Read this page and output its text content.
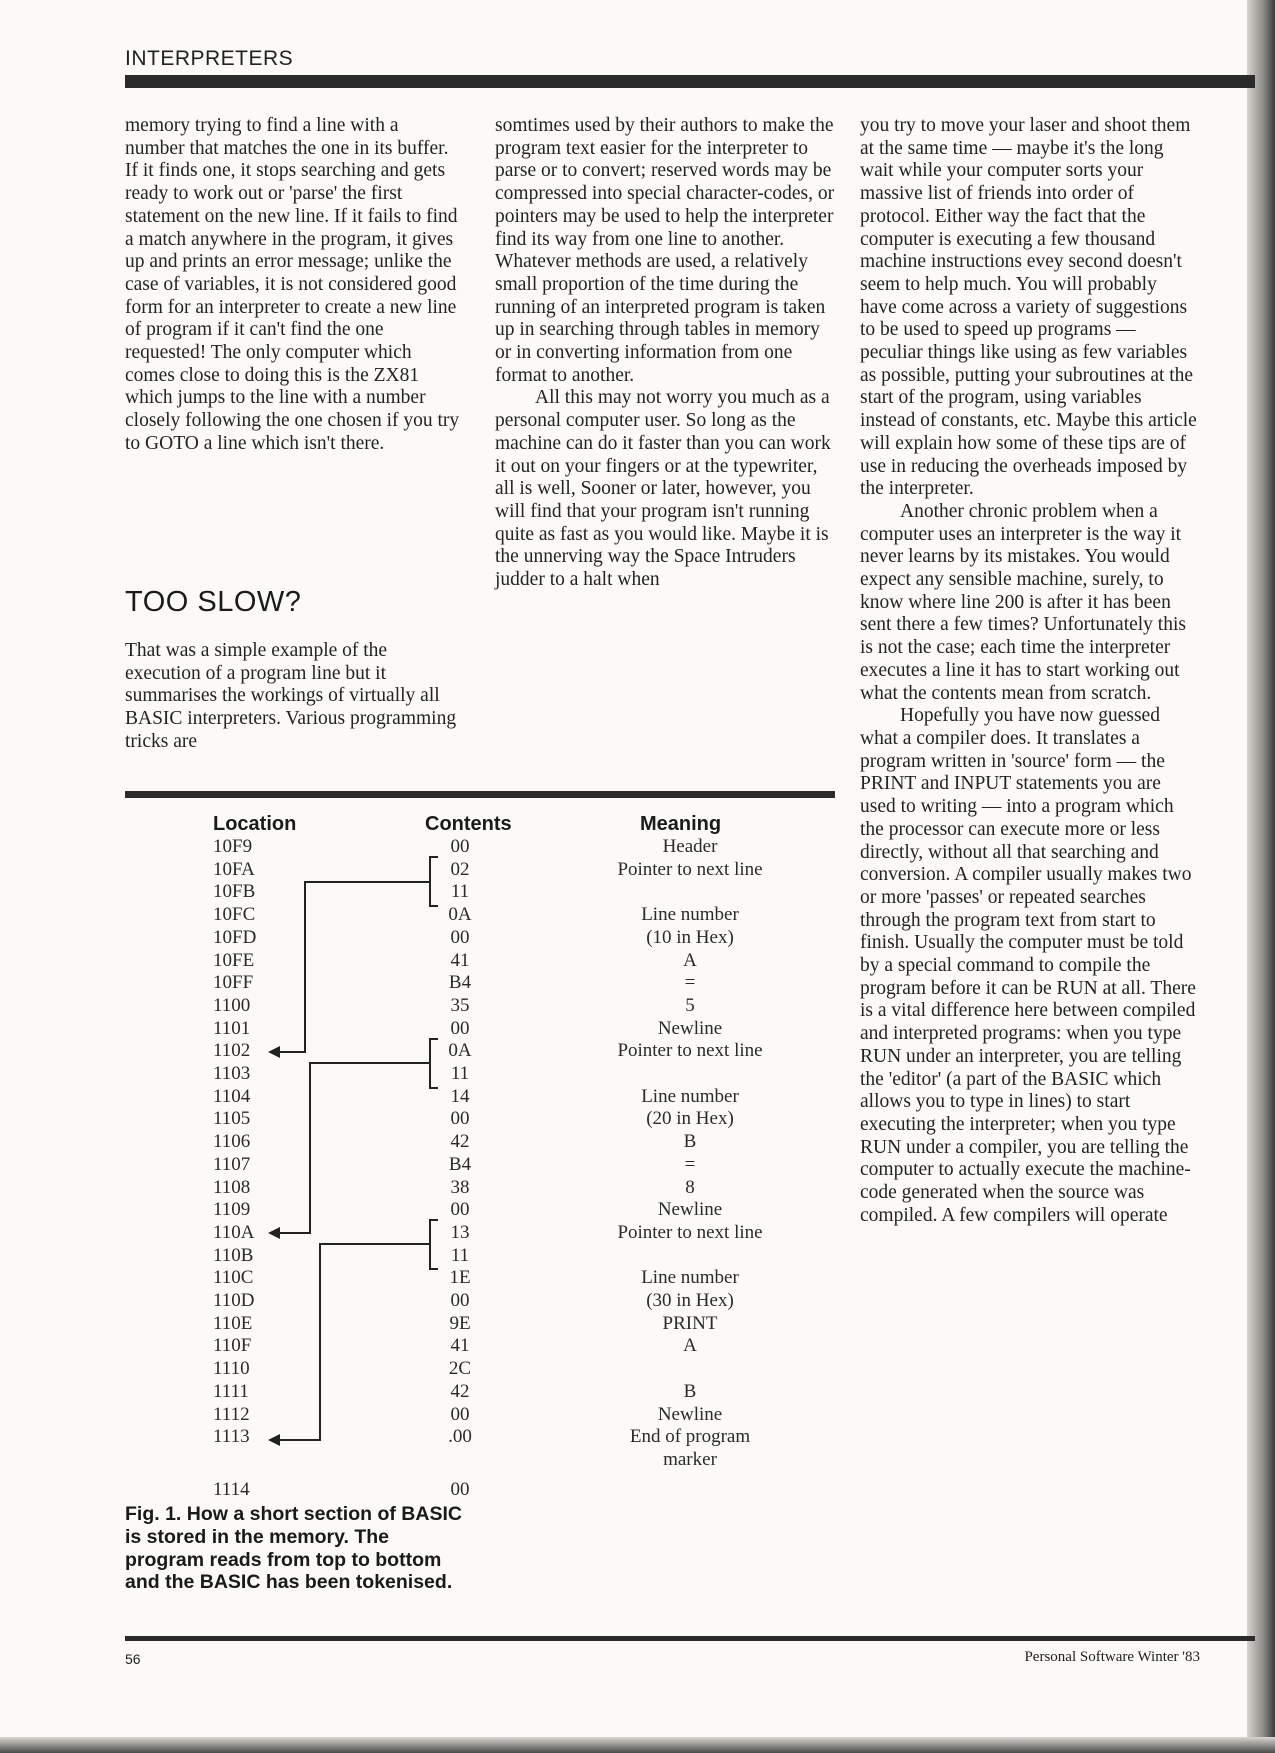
INTERPRETERS

memory trying to find a line with a number that matches the one in its buffer. If it finds one, it stops searching and gets ready to work out or 'parse' the first statement on the new line. If it fails to find a match anywhere in the program, it gives up and prints an error message; unlike the case of variables, it is not considered good form for an interpreter to create a new line of program if it can't find the one requested! The only computer which comes close to doing this is the ZX81 which jumps to the line with a number closely following the one chosen if you try to GOTO a line which isn't there.

TOO SLOW?

That was a simple example of the execution of a program line but it summarises the workings of virtually all BASIC interpreters. Various programming tricks are

somtimes used by their authors to make the program text easier for the interpreter to parse or to convert; reserved words may be compressed into special character-codes, or pointers may be used to help the interpreter find its way from one line to another. Whatever methods are used, a relatively small proportion of the time during the running of an interpreted program is taken up in searching through tables in memory or in converting information from one format to another.

All this may not worry you much as a personal computer user. So long as the machine can do it faster than you can work it out on your fingers or at the typewriter, all is well, Sooner or later, however, you will find that your program isn't running quite as fast as you would like. Maybe it is the unnerving way the Space Intruders judder to a halt when

you try to move your laser and shoot them at the same time — maybe it's the long wait while your computer sorts your massive list of friends into order of protocol. Either way the fact that the computer is executing a few thousand machine instructions evey second doesn't seem to help much. You will probably have come across a variety of suggestions to be used to speed up programs — peculiar things like using as few variables as possible, putting your subroutines at the start of the program, using variables instead of constants, etc. Maybe this article will explain how some of these tips are of use in reducing the overheads imposed by the interpreter.

Another chronic problem when a computer uses an interpreter is the way it never learns by its mistakes. You would expect any sensible machine, surely, to know where line 200 is after it has been sent there a few times? Unfortunately this is not the case; each time the interpreter executes a line it has to start working out what the contents mean from scratch.

Hopefully you have now guessed what a compiler does. It translates a program written in 'source' form — the PRINT and INPUT statements you are used to writing — into a program which the processor can execute more or less directly, without all that searching and conversion. A compiler usually makes two or more 'passes' or repeated searches through the program text from start to finish. Usually the computer must be told by a special command to compile the program before it can be RUN at all. There is a vital difference here between compiled and interpreted programs: when you type RUN under an interpreter, you are telling the 'editor' (a part of the BASIC which allows you to type in lines) to start executing the interpreter; when you type RUN under a compiler, you are telling the computer to actually execute the machine-code generated when the source was compiled. A few compilers will operate

Location	Contents	Meaning
10F9	00	Header
10FA	02	Pointer to next line
10FB	11
10FC	0A	Line number
10FD	00	(10 in Hex)
10FE	41	A
10FF	B4	=
1100	35	5
1101	00	Newline
1102	0A	Pointer to next line
1103	11
1104	14	Line number
1105	00	(20 in Hex)
1106	42	B
1107	B4	=
1108	38	8
1109	00	Newline
110A	13	Pointer to next line
110B	11
110C	1E	Line number
110D	00	(30 in Hex)
110E	9E	PRINT
110F	41	A
1110	2C
1111	42	B
1112	00	Newline
1113	.00	End of program
marker
1114	00
Fig. 1. How a short section of BASIC is stored in the memory. The program reads from top to bottom and the BASIC has been tokenised.
56	Personal Software Winter '83
